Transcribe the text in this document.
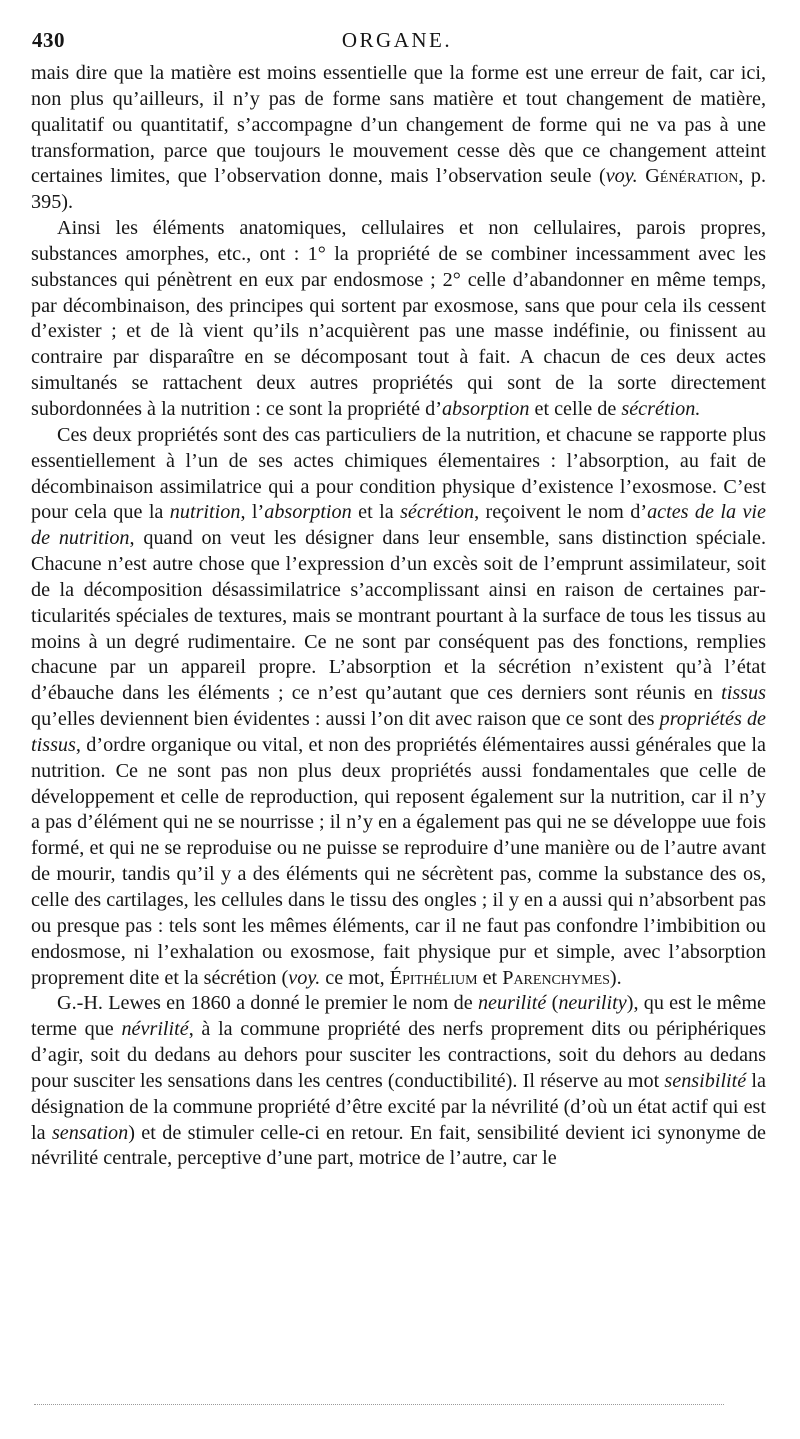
430	ORGANE.

mais dire que la matière est moins essentielle que la forme est une erreur de fait, car ici, non plus qu’ailleurs, il n’y pas de forme sans matière et tout changement de matière, qualitatif ou quantitatif, s’accompagne d’un changement de forme qui ne va pas à une transformation, parce que toujours le mouvement cesse dès que ce changement atteint certaines limites, que l’observation donne, mais l’observation seule (voy. Génération, p. 395).

Ainsi les éléments anatomiques, cellulaires et non cellulaires, parois propres, substances amorphes, etc., ont : 1° la propriété de se combiner incessamment avec les substances qui pénètrent en eux par endosmose ; 2° celle d’abandonner en même temps, par décombinaison, des principes qui sortent par exosmose, sans que pour cela ils cessent d’exister ; et de là vient qu’ils n’acquièrent pas une masse indéfinie, ou finissent au contraire par disparaître en se décomposant tout à fait. A chacun de ces deux actes simultanés se rattachent deux autres propriétés qui sont de la sorte directement subordonnées à la nutrition : ce sont la propriété d’absorption et celle de sécrétion.

Ces deux propriétés sont des cas particuliers de la nutrition, et chacune se rapporte plus essentiellement à l’un de ses actes chimiques élementaires : l’absorption, au fait de décombinaison assimilatrice qui a pour condition physique d’existence l’exosmose. C’est pour cela que la nutrition, l’absorption et la sécrétion, reçoivent le nom d’actes de la vie de nutrition, quand on veut les désigner dans leur ensemble, sans distinction spéciale. Chacune n’est autre chose que l’expression d’un excès soit de l’emprunt assimilateur, soit de la décomposition désassimilatrice s’accomplissant ainsi en raison de certaines particularités spéciales de textures, mais se montrant pourtant à la surface de tous les tissus au moins à un degré rudimentaire. Ce ne sont par conséquent pas des fonctions, remplies chacune par un appareil propre. L’absorption et la sécrétion n’existent qu’à l’état d’ébauche dans les éléments ; ce n’est qu’autant que ces derniers sont réunis en tissus qu’elles deviennent bien évidentes : aussi l’on dit avec raison que ce sont des propriétés de tissus, d’ordre organique ou vital, et non des propriétés élémentaires aussi générales que la nutrition. Ce ne sont pas non plus deux propriétés aussi fondamentales que celle de développement et celle de reproduction, qui reposent également sur la nutrition, car il n’y a pas d’élément qui ne se nourrisse ; il n’y en a également pas qui ne se développe uue fois formé, et qui ne se reproduise ou ne puisse se reproduire d’une manière ou de l’autre avant de mourir, tandis qu’il y a des éléments qui ne sécrètent pas, comme la substance des os, celle des cartilages, les cellules dans le tissu des ongles ; il y en a aussi qui n’absorbent pas ou presque pas : tels sont les mêmes éléments, car il ne faut pas confondre l’imbibition ou endosmose, ni l’exhalation ou exosmose, fait physique pur et simple, avec l’absorption proprement dite et la sécrétion (voy. ce mot, Épithélium et Parenchymes).

G.-H. Lewes en 1860 a donné le premier le nom de neurilité (neurility), qu est le même terme que névrilité, à la commune propriété des nerfs proprement dits ou périphériques d’agir, soit du dedans au dehors pour susciter les contractions, soit du dehors au dedans pour susciter les sensations dans les centres (conductibilité). Il réserve au mot sensibilité la désignation de la commune propriété d’être excité par la névrilité (d’où un état actif qui est la sensation) et de stimuler celle-ci en retour. En fait, sensibilité devient ici synonyme de névrilité centrale, perceptive d’une part, motrice de l’autre, car le
